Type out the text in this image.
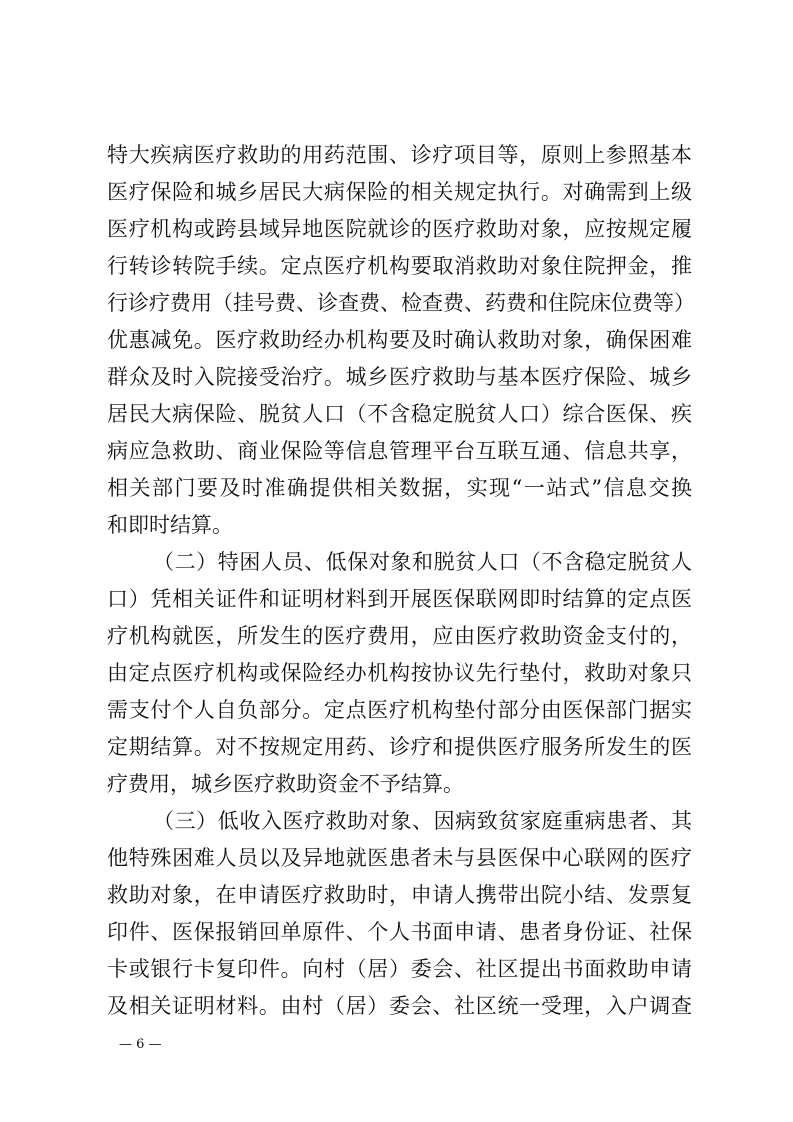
特大疾病医疗救助的用药范围、诊疗项目等，原则上参照基本
医疗保险和城乡居民大病保险的相关规定执行。对确需到上级
医疗机构或跨县域异地医院就诊的医疗救助对象，应按规定履
行转诊转院手续。定点医疗机构要取消救助对象住院押金，推
行诊疗费用（挂号费、诊查费、检查费、药费和住院床位费等）
优惠减免。医疗救助经办机构要及时确认救助对象，确保困难
群众及时入院接受治疗。城乡医疗救助与基本医疗保险、城乡
居民大病保险、脱贫人口（不含稳定脱贫人口）综合医保、疾
病应急救助、商业保险等信息管理平台互联互通、信息共享，
相关部门要及时准确提供相关数据，实现“一站式”信息交换
和即时结算。
（二）特困人员、低保对象和脱贫人口（不含稳定脱贫人
口）凭相关证件和证明材料到开展医保联网即时结算的定点医
疗机构就医，所发生的医疗费用，应由医疗救助资金支付的，
由定点医疗机构或保险经办机构按协议先行垫付，救助对象只
需支付个人自负部分。定点医疗机构垫付部分由医保部门据实
定期结算。对不按规定用药、诊疗和提供医疗服务所发生的医
疗费用，城乡医疗救助资金不予结算。
（三）低收入医疗救助对象、因病致贫家庭重病患者、其
他特殊困难人员以及异地就医患者未与县医保中心联网的医疗
救助对象，在申请医疗救助时，申请人携带出院小结、发票复
印件、医保报销回单原件、个人书面申请、患者身份证、社保
卡或银行卡复印件。向村（居）委会、社区提出书面救助申请
及相关证明材料。由村（居）委会、社区统一受理，入户调查
— 6 —
